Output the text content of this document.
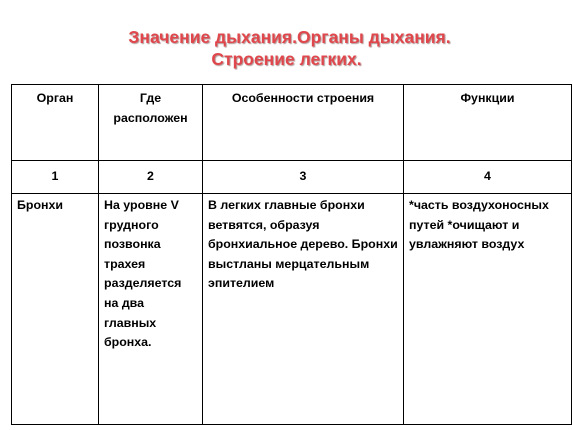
Значение дыхания.Органы дыхания.
Строение легких.
Орган	Где расположен	Особенности строения	Функции

1	2	3	4

Бронхи	На уровне V грудного позвонка трахея разделяется на два главных бронха.	В легких главные бронхи ветвятся, образуя бронхиальное дерево. Бронхи выстланы мерцательным эпителием	*часть воздухоносных путей *очищают и увлажняют воздух
